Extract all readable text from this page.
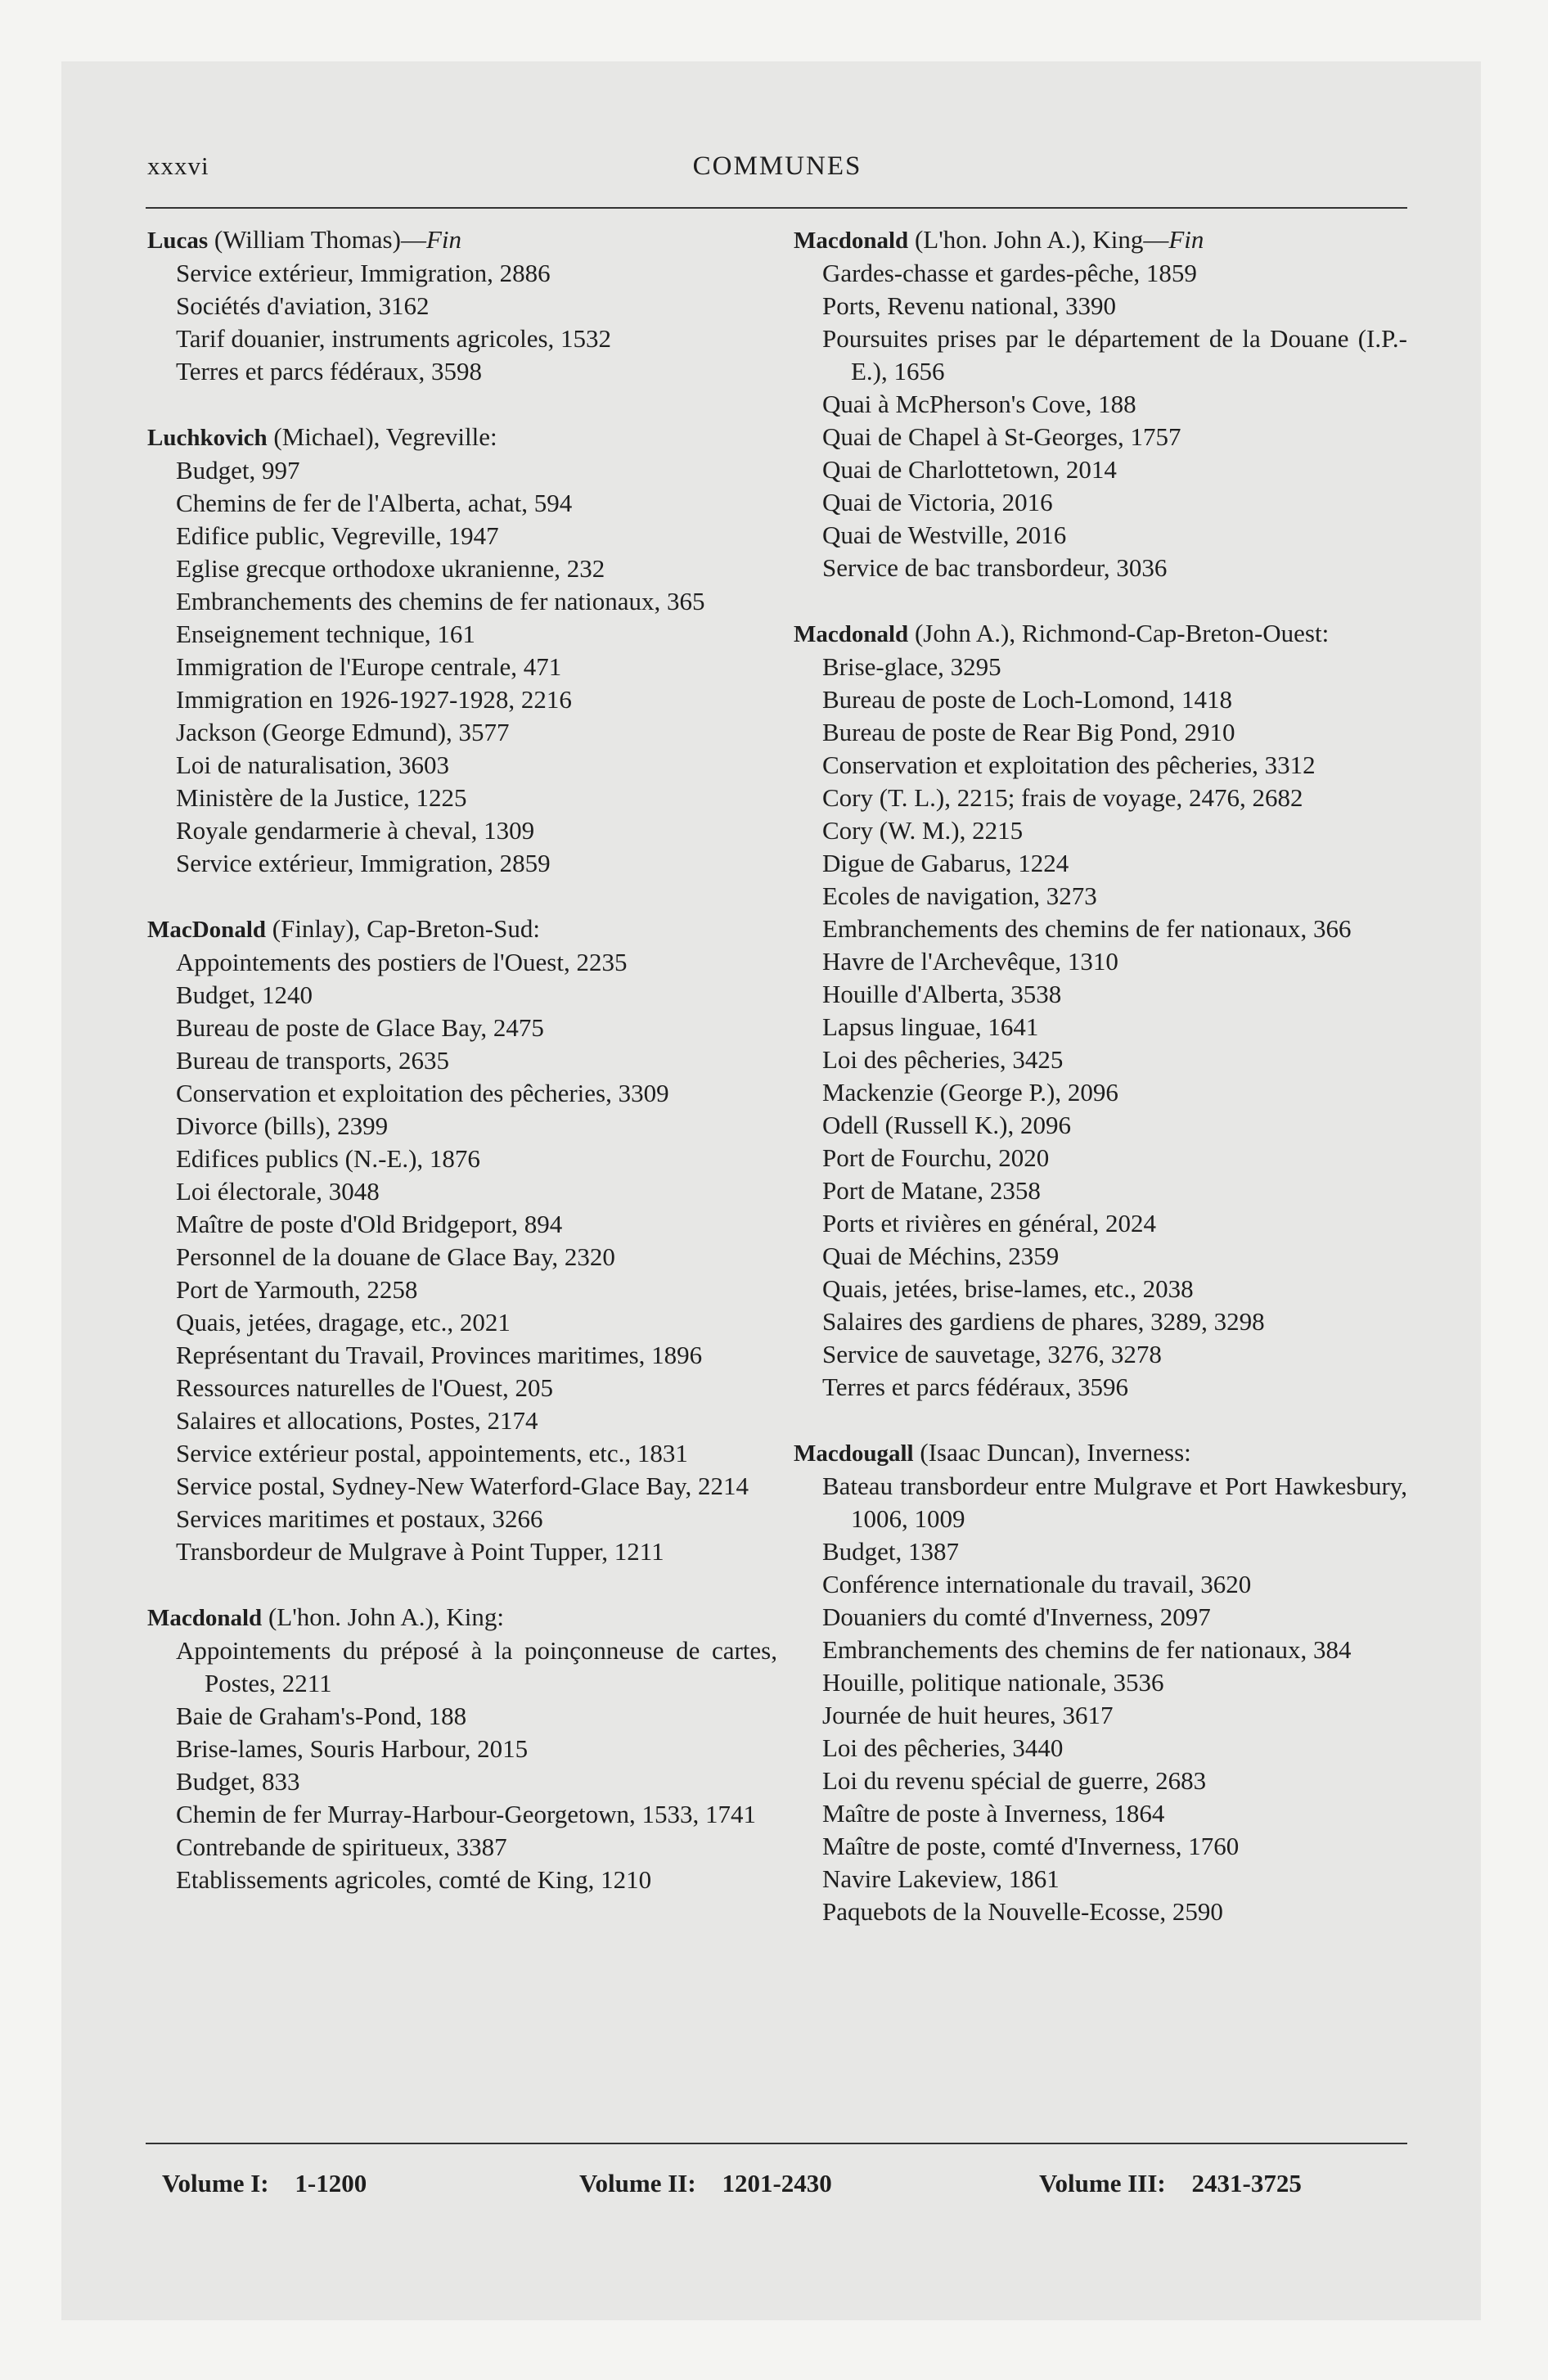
xxxvi	COMMUNES

Lucas (William Thomas)—Fin

Service extérieur, Immigration, 2886
Sociétés d'aviation, 3162
Tarif douanier, instruments agricoles, 1532
Terres et parcs fédéraux, 3598

Luchkovich (Michael), Vegreville:

Budget, 997
Chemins de fer de l'Alberta, achat, 594
Edifice public, Vegreville, 1947
Eglise grecque orthodoxe ukranienne, 232
Embranchements des chemins de fer nationaux, 365
Enseignement technique, 161
Immigration de l'Europe centrale, 471
Immigration en 1926-1927-1928, 2216
Jackson (George Edmund), 3577
Loi de naturalisation, 3603
Ministère de la Justice, 1225
Royale gendarmerie à cheval, 1309
Service extérieur, Immigration, 2859

MacDonald (Finlay), Cap-Breton-Sud:

Appointements des postiers de l'Ouest, 2235
Budget, 1240
Bureau de poste de Glace Bay, 2475
Bureau de transports, 2635
Conservation et exploitation des pêcheries, 3309
Divorce (bills), 2399
Edifices publics (N.-E.), 1876
Loi électorale, 3048
Maître de poste d'Old Bridgeport, 894
Personnel de la douane de Glace Bay, 2320
Port de Yarmouth, 2258
Quais, jetées, dragage, etc., 2021
Représentant du Travail, Provinces maritimes, 1896
Ressources naturelles de l'Ouest, 205
Salaires et allocations, Postes, 2174
Service extérieur postal, appointements, etc., 1831
Service postal, Sydney-New Waterford-Glace Bay, 2214
Services maritimes et postaux, 3266
Transbordeur de Mulgrave à Point Tupper, 1211

Macdonald (L'hon. John A.), King:

Appointements du préposé à la poinçonneuse de cartes, Postes, 2211
Baie de Graham's-Pond, 188
Brise-lames, Souris Harbour, 2015
Budget, 833
Chemin de fer Murray-Harbour-Georgetown, 1533, 1741
Contrebande de spiritueux, 3387
Etablissements agricoles, comté de King, 1210

Macdonald (L'hon. John A.), King—Fin

Gardes-chasse et gardes-pêche, 1859
Ports, Revenu national, 3390
Poursuites prises par le département de la Douane (I.P.-E.), 1656
Quai à McPherson's Cove, 188
Quai de Chapel à St-Georges, 1757
Quai de Charlottetown, 2014
Quai de Victoria, 2016
Quai de Westville, 2016
Service de bac transbordeur, 3036

Macdonald (John A.), Richmond-Cap-Breton-Ouest:

Brise-glace, 3295
Bureau de poste de Loch-Lomond, 1418
Bureau de poste de Rear Big Pond, 2910
Conservation et exploitation des pêcheries, 3312
Cory (T. L.), 2215; frais de voyage, 2476, 2682
Cory (W. M.), 2215
Digue de Gabarus, 1224
Ecoles de navigation, 3273
Embranchements des chemins de fer nationaux, 366
Havre de l'Archevêque, 1310
Houille d'Alberta, 3538
Lapsus linguae, 1641
Loi des pêcheries, 3425
Mackenzie (George P.), 2096
Odell (Russell K.), 2096
Port de Fourchu, 2020
Port de Matane, 2358
Ports et rivières en général, 2024
Quai de Méchins, 2359
Quais, jetées, brise-lames, etc., 2038
Salaires des gardiens de phares, 3289, 3298
Service de sauvetage, 3276, 3278
Terres et parcs fédéraux, 3596

Macdougall (Isaac Duncan), Inverness:

Bateau transbordeur entre Mulgrave et Port Hawkesbury, 1006, 1009
Budget, 1387
Conférence internationale du travail, 3620
Douaniers du comté d'Inverness, 2097
Embranchements des chemins de fer nationaux, 384
Houille, politique nationale, 3536
Journée de huit heures, 3617
Loi des pêcheries, 3440
Loi du revenu spécial de guerre, 2683
Maître de poste à Inverness, 1864
Maître de poste, comté d'Inverness, 1760
Navire Lakeview, 1861
Paquebots de la Nouvelle-Ecosse, 2590
Volume I: 1-1200	Volume II: 1201-2430	Volume III: 2431-3725
